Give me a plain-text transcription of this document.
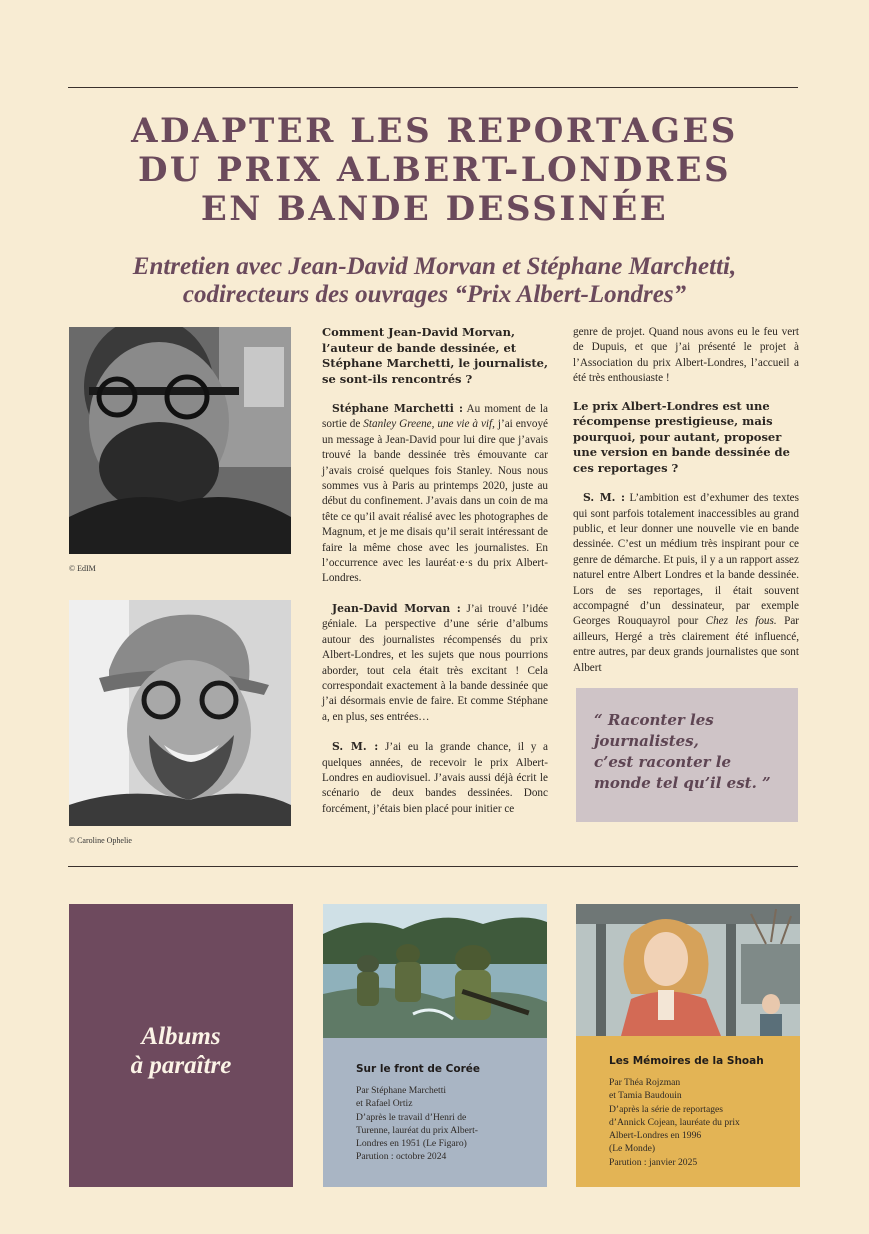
ADAPTER LES REPORTAGES
DU PRIX ALBERT-LONDRES
EN BANDE DESSINÉE
Entretien avec Jean-David Morvan et Stéphane Marchetti,
codirecteurs des ouvrages “Prix Albert-Londres”
© EdIM
© Caroline Ophelie

Comment Jean-David Morvan, l’auteur de bande dessinée, et Stéphane Marchetti, le journaliste, se sont-ils rencontrés ?

Stéphane Marchetti : Au moment de la sortie de Stanley Greene, une vie à vif, j’ai envoyé un message à Jean-David pour lui dire que j’avais trouvé la bande dessinée très émouvante car j’avais croisé quelques fois Stanley. Nous nous sommes vus à Paris au printemps 2020, juste au début du confinement. J’avais dans un coin de ma tête ce qu’il avait réalisé avec les photographes de Magnum, et je me disais qu’il serait intéressant de faire la même chose avec les journalistes. En l’occurrence avec les lauréat·e·s du prix Albert-Londres.

Jean-David Morvan : J’ai trouvé l’idée géniale. La perspective d’une série d’albums autour des journalistes récompensés du prix Albert-Londres, et les sujets que nous pourrions aborder, tout cela était très excitant ! Cela correspondait exactement à la bande dessinée que j’ai désormais envie de faire. Et comme Stéphane a, en plus, ses entrées…

S. M. : J’ai eu la grande chance, il y a quelques années, de recevoir le prix Albert-Londres en audiovisuel. J’avais aussi déjà écrit le scénario de deux bandes dessinées. Donc forcément, j’étais bien placé pour initier ce

genre de projet. Quand nous avons eu le feu vert de Dupuis, et que j’ai présenté le projet à l’Association du prix Albert-Londres, l’accueil a été très enthousiaste !

Le prix Albert-Londres est une récompense prestigieuse, mais pourquoi, pour autant, proposer une version en bande dessinée de ces reportages ?

S. M. : L’ambition est d’exhumer des textes qui sont parfois totalement inaccessibles au grand public, et leur donner une nouvelle vie en bande dessinée. C’est un médium très inspirant pour ce genre de démarche. Et puis, il y a un rapport assez naturel entre Albert Londres et la bande dessinée. Lors de ses reportages, il était souvent accompagné d’un dessinateur, par exemple Georges Rouquayrol pour Chez les fous. Par ailleurs, Hergé a très clairement été influencé, entre autres, par deux grands journalistes que sont Albert

“ Raconter les
journalistes,
c’est raconter le
monde tel qu’il est. ”
Albums
à paraître	Sur le front de Corée
Par Stéphane Marchetti
et Rafael Ortiz
D’après le travail d’Henri de
Turenne, lauréat du prix Albert-
Londres en 1951 (Le Figaro)
Parution : octobre 2024
Les Mémoires de la Shoah
Par Théa Rojzman
et Tamia Baudouin
D’après la série de reportages
d’Annick Cojean, lauréate du prix
Albert-Londres en 1996
(Le Monde)
Parution : janvier 2025
